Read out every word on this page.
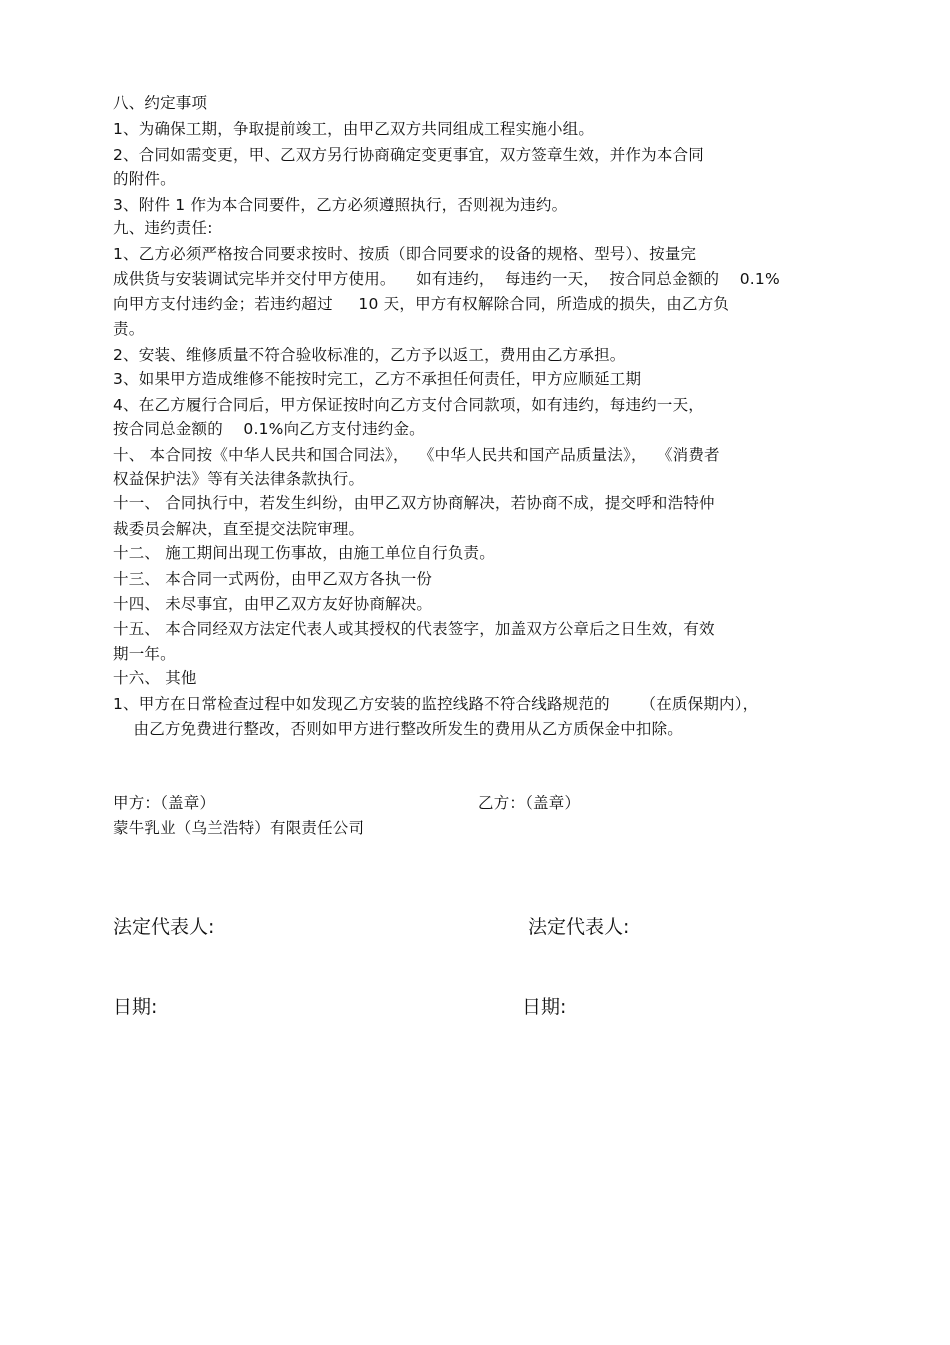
八、约定事项
1、为确保工期，争取提前竣工，由甲乙双方共同组成工程实施小组。
2、合同如需变更，甲、乙双方另行协商确定变更事宜，双方签章生效，并作为本合同
的附件。
3、附件 1 作为本合同要件，乙方必须遵照执行，否则视为违约。
九、违约责任:
1、乙方必须严格按合同要求按时、按质（即合同要求的设备的规格、型号）、按量完
成供货与安装调试完毕并交付甲方使用。    如有违约，  每违约一天，  按合同总金额的    0.1%
向甲方支付违约金；若违约超过     10 天，甲方有权解除合同，所造成的损失，由乙方负
责。
2、安装、维修质量不符合验收标准的，乙方予以返工，费用由乙方承担。
3、如果甲方造成维修不能按时完工，乙方不承担任何责任，甲方应顺延工期
4、在乙方履行合同后，甲方保证按时向乙方支付合同款项，如有违约，每违约一天，
按合同总金额的    0.1%向乙方支付违约金。
十、 本合同按《中华人民共和国合同法》，  《中华人民共和国产品质量法》，  《消费者
权益保护法》等有关法律条款执行。
十一、 合同执行中，若发生纠纷，由甲乙双方协商解决，若协商不成，提交呼和浩特仲
裁委员会解决，直至提交法院审理。
十二、 施工期间出现工伤事故，由施工单位自行负责。
十三、 本合同一式两份，由甲乙双方各执一份
十四、 未尽事宜，由甲乙双方友好协商解决。
十五、 本合同经双方法定代表人或其授权的代表签字，加盖双方公章后之日生效，有效
期一年。
十六、 其他
1、甲方在日常检查过程中如发现乙方安装的监控线路不符合线路规范的      （在质保期内），
由乙方免费进行整改，否则如甲方进行整改所发生的费用从乙方质保金中扣除。
甲方：（盖章）	乙方：（盖章）
蒙牛乳业（乌兰浩特）有限责任公司
法定代表人:	法定代表人:
日期:	日期:
